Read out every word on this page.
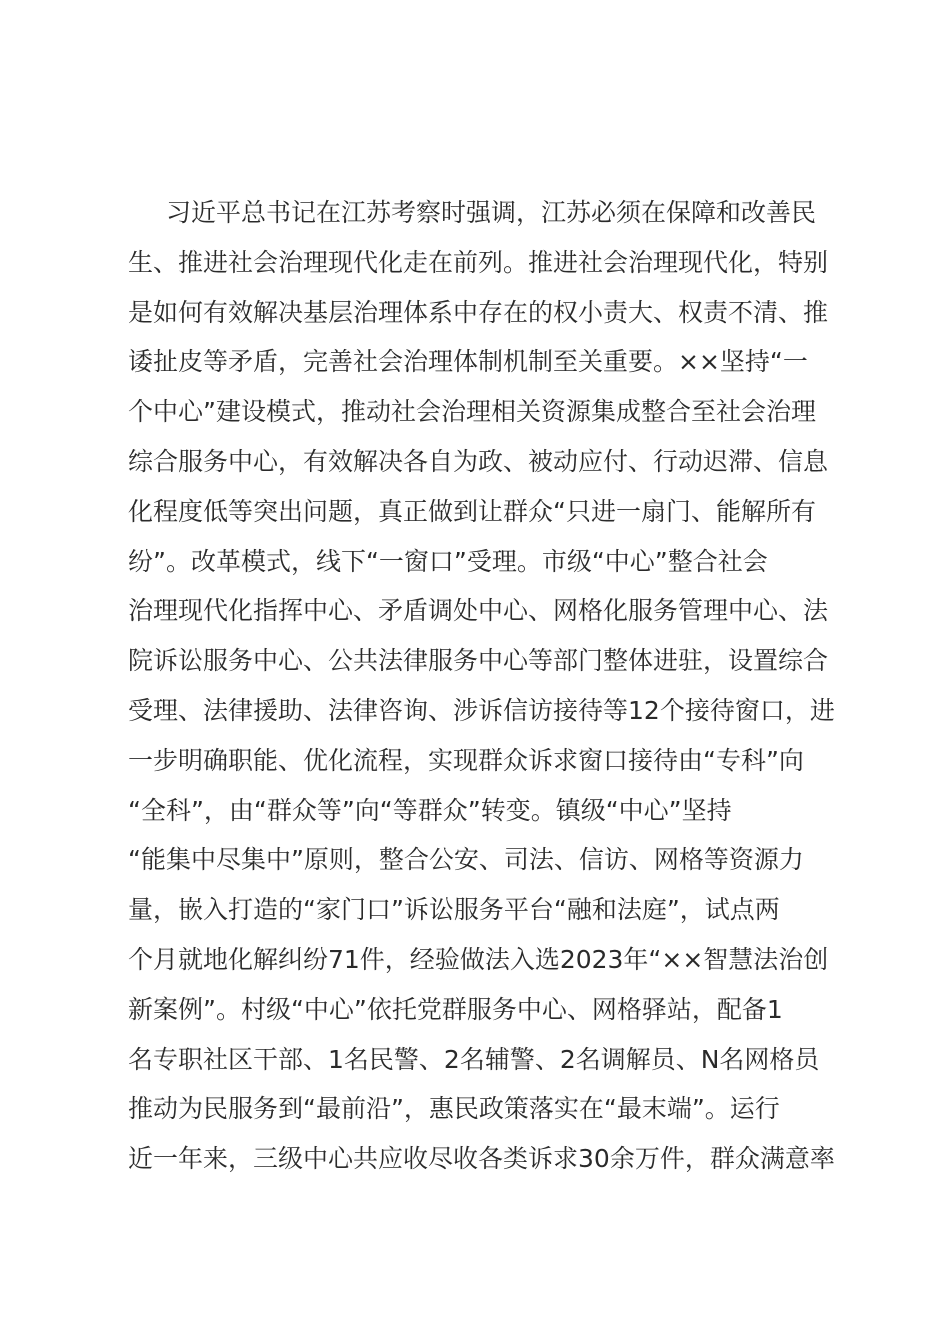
习近平总书记在江苏考察时强调，江苏必须在保障和改善民
生、推进社会治理现代化走在前列。推进社会治理现代化，特别
是如何有效解决基层治理体系中存在的权小责大、权责不清、推
诿扯皮等矛盾，完善社会治理体制机制至关重要。××坚持“一
个中心”建设模式，推动社会治理相关资源集成整合至社会治理
综合服务中心，有效解决各自为政、被动应付、行动迟滞、信息
化程度低等突出问题，真正做到让群众“只进一扇门、能解所有
纷”。改革模式，线下“一窗口”受理。市级“中心”整合社会
治理现代化指挥中心、矛盾调处中心、网格化服务管理中心、法
院诉讼服务中心、公共法律服务中心等部门整体进驻，设置综合
受理、法律援助、法律咨询、涉诉信访接待等12个接待窗口，进
一步明确职能、优化流程，实现群众诉求窗口接待由“专科”向
“全科”，由“群众等”向“等群众”转变。镇级“中心”坚持
“能集中尽集中”原则，整合公安、司法、信访、网格等资源力
量，嵌入打造的“家门口”诉讼服务平台“融和法庭”，试点两
个月就地化解纠纷71件，经验做法入选2023年“××智慧法治创
新案例”。村级“中心”依托党群服务中心、网格驿站，配备1
名专职社区干部、1名民警、2名辅警、2名调解员、N名网格员
推动为民服务到“最前沿”，惠民政策落实在“最末端”。运行
近一年来，三级中心共应收尽收各类诉求30余万件，群众满意率
